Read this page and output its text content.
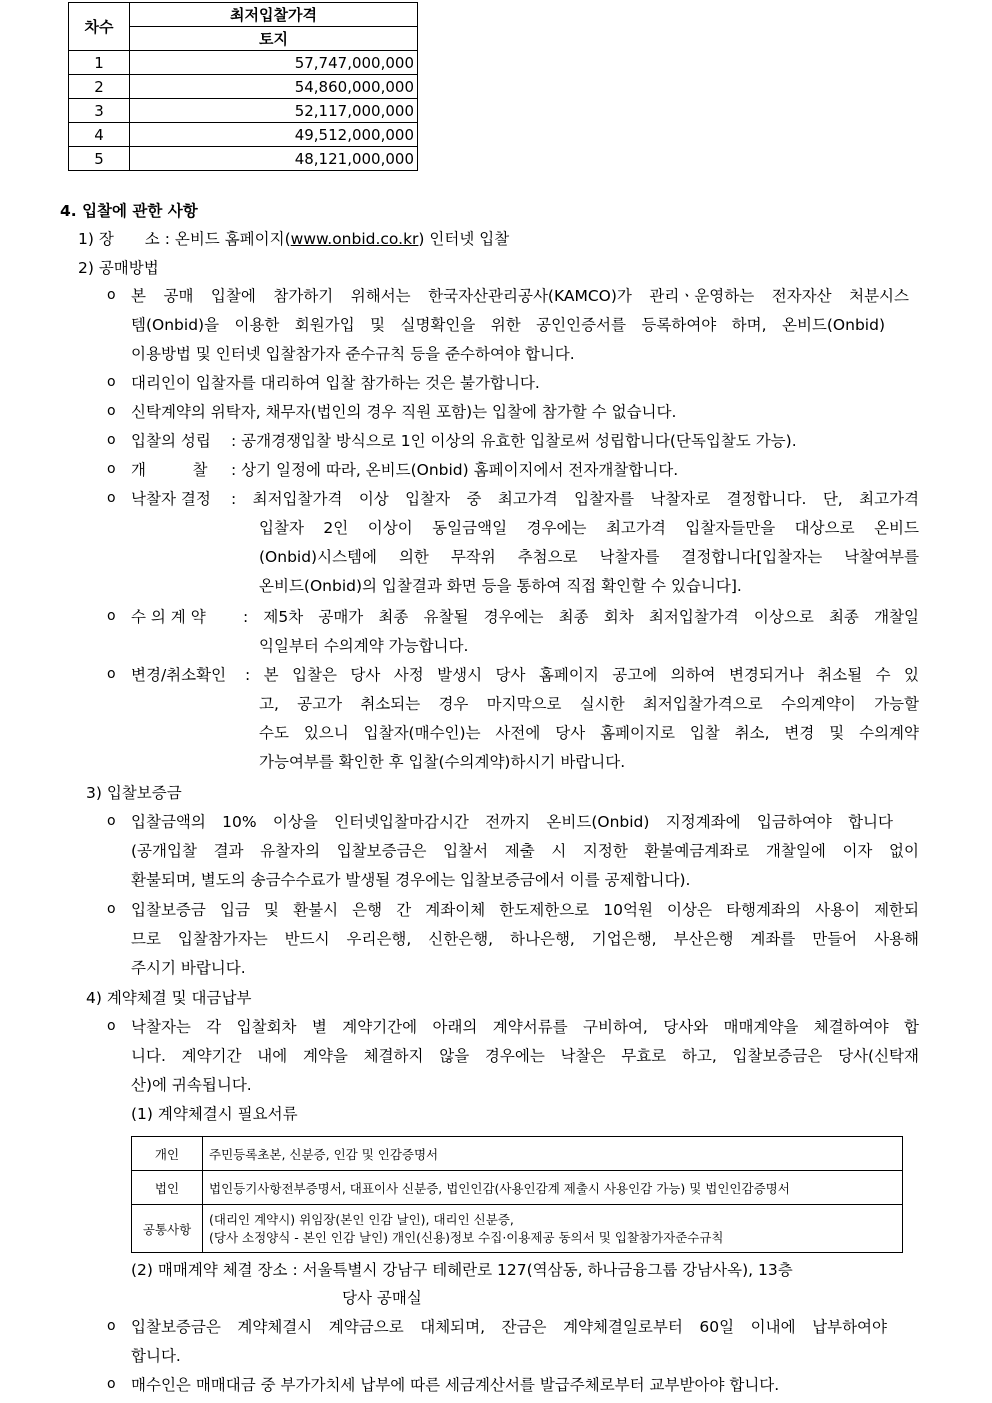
차수	최저입찰가격
	토지
1	57,747,000,000
2	54,860,000,000
3	52,117,000,000
4	49,512,000,000
5	48,121,000,000
4. 입찰에 관한 사항
1) 장　　소 : 온비드 홈페이지(www.onbid.co.kr) 인터넷 입찰
2) 공매방법
o 본 공매 입찰에 참가하기 위해서는 한국자산관리공사(KAMCO)가 관리ㆍ운영하는 전자자산 처분시스
템(Onbid)을 이용한 회원가입 및 실명확인을 위한 공인인증서를 등록하여야 하며, 온비드(Onbid)
이용방법 및 인터넷 입찰참가자 준수규칙 등을 준수하여야 합니다.
o 대리인이 입찰자를 대리하여 입찰 참가하는 것은 불가합니다.
o 신탁계약의 위탁자, 채무자(법인의 경우 직원 포함)는 입찰에 참가할 수 없습니다.
o 입찰의 성립 : 공개경쟁입찰 방식으로 1인 이상의 유효한 입찰로써 성립합니다(단독입찰도 가능).
o 개　　　찰 : 상기 일정에 따라, 온비드(Onbid) 홈페이지에서 전자개찰합니다.
o 낙찰자 결정 : 최저입찰가격 이상 입찰자 중 최고가격 입찰자를 낙찰자로 결정합니다. 단, 최고가격
입찰자 2인 이상이 동일금액일 경우에는 최고가격 입찰자들만을 대상으로 온비드
(Onbid)시스템에 의한 무작위 추첨으로 낙찰자를 결정합니다[입찰자는 낙찰여부를
온비드(Onbid)의 입찰결과 화면 등을 통하여 직접 확인할 수 있습니다].
o 수 의 계 약 : 제5차 공매가 최종 유찰될 경우에는 최종 회차 최저입찰가격 이상으로 최종 개찰일
익일부터 수의계약 가능합니다.
o 변경/취소확인 : 본 입찰은 당사 사정 발생시 당사 홈페이지 공고에 의하여 변경되거나 취소될 수 있
고, 공고가 취소되는 경우 마지막으로 실시한 최저입찰가격으로 수의계약이 가능할
수도 있으니 입찰자(매수인)는 사전에 당사 홈페이지로 입찰 취소, 변경 및 수의계약
가능여부를 확인한 후 입찰(수의계약)하시기 바랍니다.
3) 입찰보증금
o 입찰금액의 10% 이상을 인터넷입찰마감시간 전까지 온비드(Onbid) 지정계좌에 입금하여야 합니다
(공개입찰 결과 유찰자의 입찰보증금은 입찰서 제출 시 지정한 환불예금계좌로 개찰일에 이자 없이
환불되며, 별도의 송금수수료가 발생될 경우에는 입찰보증금에서 이를 공제합니다).
o 입찰보증금 입금 및 환불시 은행 간 계좌이체 한도제한으로 10억원 이상은 타행계좌의 사용이 제한되
므로 입찰참가자는 반드시 우리은행, 신한은행, 하나은행, 기업은행, 부산은행 계좌를 만들어 사용해
주시기 바랍니다.
4) 계약체결 및 대금납부
o 낙찰자는 각 입찰회차 별 계약기간에 아래의 계약서류를 구비하여, 당사와 매매계약을 체결하여야 합
니다. 계약기간 내에 계약을 체결하지 않을 경우에는 낙찰은 무효로 하고, 입찰보증금은 당사(신탁재
산)에 귀속됩니다.
(1) 계약체결시 필요서류
개인	주민등록초본, 신분증, 인감 및 인감증명서
법인	법인등기사항전부증명서, 대표이사 신분증, 법인인감(사용인감계 제출시 사용인감 가능) 및 법인인감증명서
공통사항	(대리인 계약시) 위임장(본인 인감 날인), 대리인 신분증,
(당사 소정양식 - 본인 인감 날인) 개인(신용)정보 수집·이용제공 동의서 및 입찰참가자준수규칙
(2) 매매계약 체결 장소 : 서울특별시 강남구 테헤란로 127(역삼동, 하나금융그룹 강남사옥), 13층
당사 공매실
o 입찰보증금은 계약체결시 계약금으로 대체되며, 잔금은 계약체결일로부터 60일 이내에 납부하여야
합니다.
o 매수인은 매매대금 중 부가가치세 납부에 따른 세금계산서를 발급주체로부터 교부받아야 합니다.
